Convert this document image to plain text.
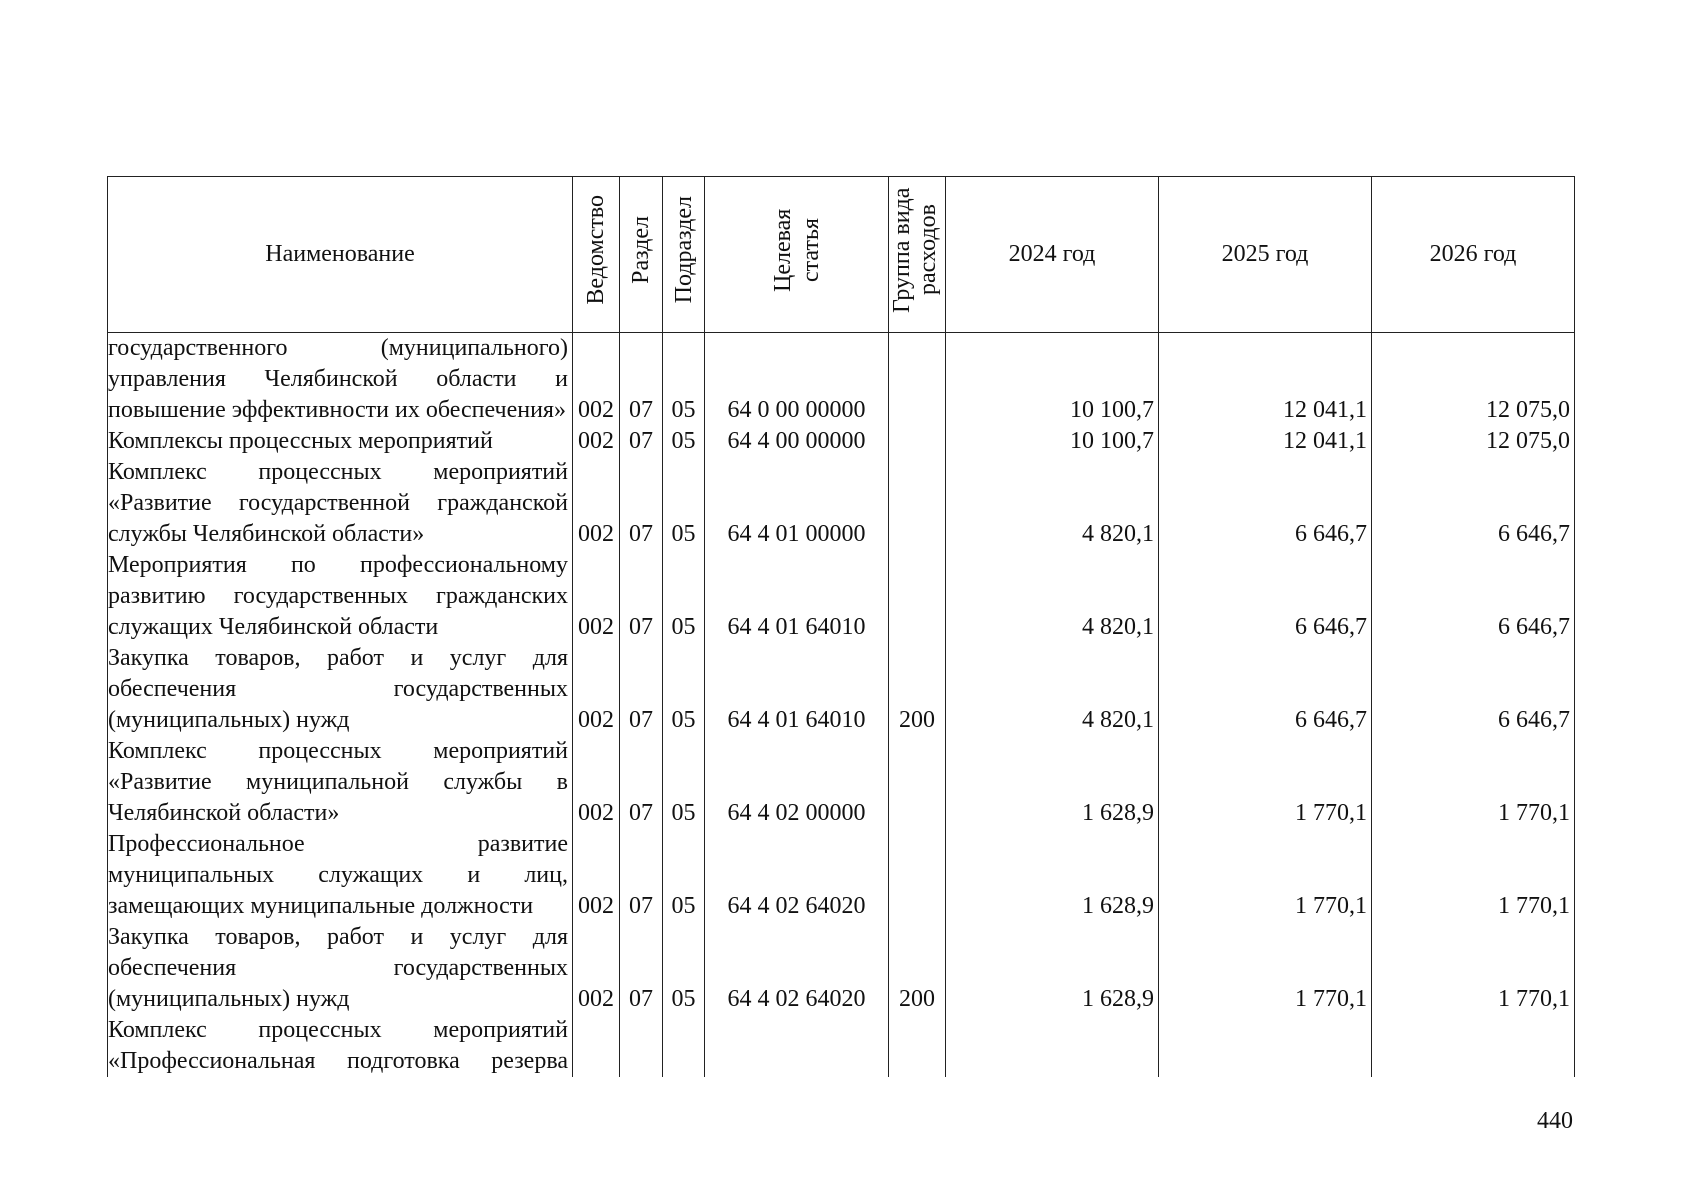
Наименование	Ведомство	Раздел	Подраздел	Целевая статья	Группа вида расходов	2024 год	2025 год	2026 год
государственного (муниципального) управления Челябинской области и повышение эффективности их обеспечения»	002	07	05	64 0 00 00000		10 100,7	12 041,1	12 075,0
Комплексы процессных мероприятий	002	07	05	64 4 00 00000		10 100,7	12 041,1	12 075,0
Комплекс процессных мероприятий «Развитие государственной гражданской службы Челябинской области»	002	07	05	64 4 01 00000		4 820,1	6 646,7	6 646,7
Мероприятия по профессиональному развитию государственных гражданских служащих Челябинской области	002	07	05	64 4 01 64010		4 820,1	6 646,7	6 646,7
Закупка товаров, работ и услуг для обеспечения государственных (муниципальных) нужд	002	07	05	64 4 01 64010	200	4 820,1	6 646,7	6 646,7
Комплекс процессных мероприятий «Развитие муниципальной службы в Челябинской области»	002	07	05	64 4 02 00000		1 628,9	1 770,1	1 770,1
Профессиональное развитие муниципальных служащих и лиц, замещающих муниципальные должности	002	07	05	64 4 02 64020		1 628,9	1 770,1	1 770,1
Закупка товаров, работ и услуг для обеспечения государственных (муниципальных) нужд	002	07	05	64 4 02 64020	200	1 628,9	1 770,1	1 770,1
Комплекс процессных мероприятий «Профессиональная подготовка резерва								
440
